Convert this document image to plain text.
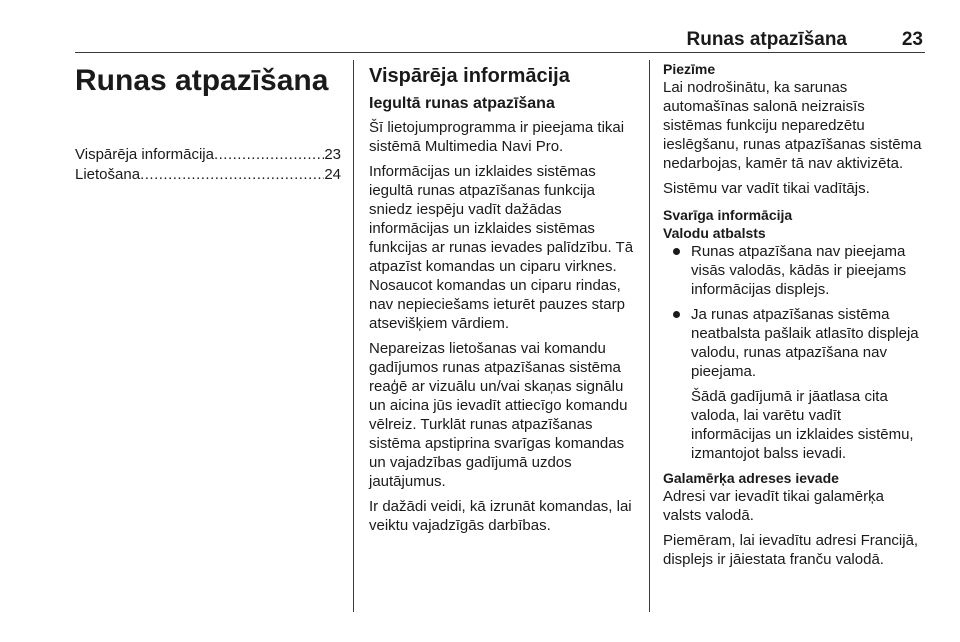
Runas atpazīšana	23
Runas atpazīšana
Vispārēja informācija .....	23
Lietošana .....	24
Vispārēja informācija
Iegultā runas atpazīšana

Šī lietojumprogramma ir pieejama tikai sistēmā Multimedia Navi Pro.

Informācijas un izklaides sistēmas iegultā runas atpazīšanas funkcija sniedz iespēju vadīt dažādas informācijas un izklaides sistēmas funkcijas ar runas ievades palīdzību. Tā atpazīst komandas un ciparu virknes. Nosaucot komandas un ciparu rindas, nav nepieciešams ieturēt pauzes starp atsevišķiem vārdiem.

Nepareizas lietošanas vai komandu gadījumos runas atpazīšanas sistēma reaģē ar vizuālu un/vai skaņas signālu un aicina jūs ievadīt attiecīgo komandu vēlreiz. Turklāt runas atpazīšanas sistēma apstiprina svarīgas komandas un vajadzības gadījumā uzdos jautājumus.

Ir dažādi veidi, kā izrunāt komandas, lai veiktu vajadzīgās darbības.

Piezīme

Lai nodrošinātu, ka sarunas automašīnas salonā neizraisīs sistēmas funkciju neparedzētu ieslēgšanu, runas atpazīšanas sistēma nedarbojas, kamēr tā nav aktivizēta.

Sistēmu var vadīt tikai vadītājs.

Svarīga informācija
Valodu atbalsts

Runas atpazīšana nav pieejama visās valodās, kādās ir pieejams informācijas displejs.

Ja runas atpazīšanas sistēma neatbalsta pašlaik atlasīto displeja valodu, runas atpazīšana nav pieejama.

Šādā gadījumā ir jāatlasa cita valoda, lai varētu vadīt informācijas un izklaides sistēmu, izmantojot balss ievadi.

Galamērķa adreses ievade

Adresi var ievadīt tikai galamērķa valsts valodā.

Piemēram, lai ievadītu adresi Francijā, displejs ir jāiestata franču valodā.
